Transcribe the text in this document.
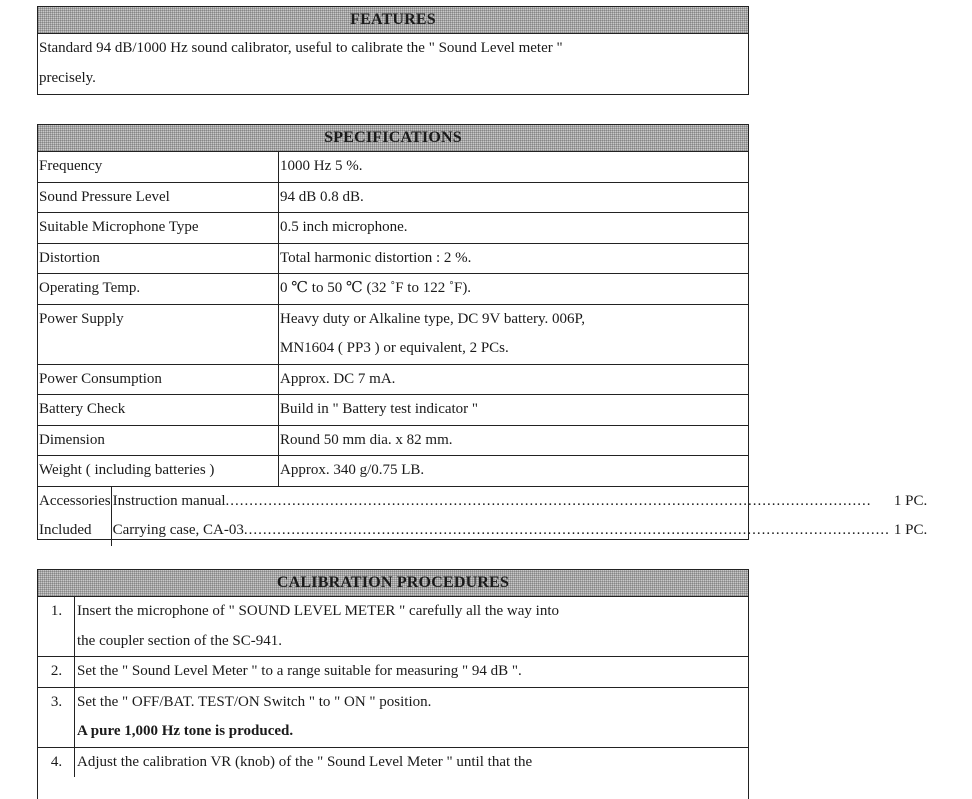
FEATURES
Standard 94 dB/1000 Hz sound calibrator, useful to calibrate the " Sound Level meter "
precisely.
SPECIFICATIONS
Frequency	1000 Hz 5 %.
Sound Pressure Level	94 dB 0.8 dB.
Suitable Microphone Type	0.5 inch microphone.
Distortion	Total harmonic distortion : 2 %.
Operating Temp.	0 ℃ to 50 ℃ (32 ˚F to 122 ˚F).
Power Supply	Heavy duty or Alkaline type, DC 9V battery. 006P,
MN1604 ( PP3 ) or equivalent, 2 PCs.
Power Consumption	Approx. DC 7 mA.
Battery Check	Build in " Battery test indicator "
Dimension	Round 50 mm dia. x 82 mm.
Weight ( including batteries )	Approx. 340 g/0.75 LB.
Accessories Included
Instruction manual .....	1 PC.
Carrying case, CA-03 .....	1 PC.
CALIBRATION PROCEDURES
1. Insert the microphone of " SOUND LEVEL METER " carefully all the way into
the coupler section of the SC-941.
2. Set the " Sound Level Meter " to a range suitable for measuring " 94 dB ".
3. Set the " OFF/BAT. TEST/ON Switch " to " ON " position.
A pure 1,000 Hz tone is produced.
4. Adjust the calibration VR (knob) of the " Sound Level Meter " until that the
